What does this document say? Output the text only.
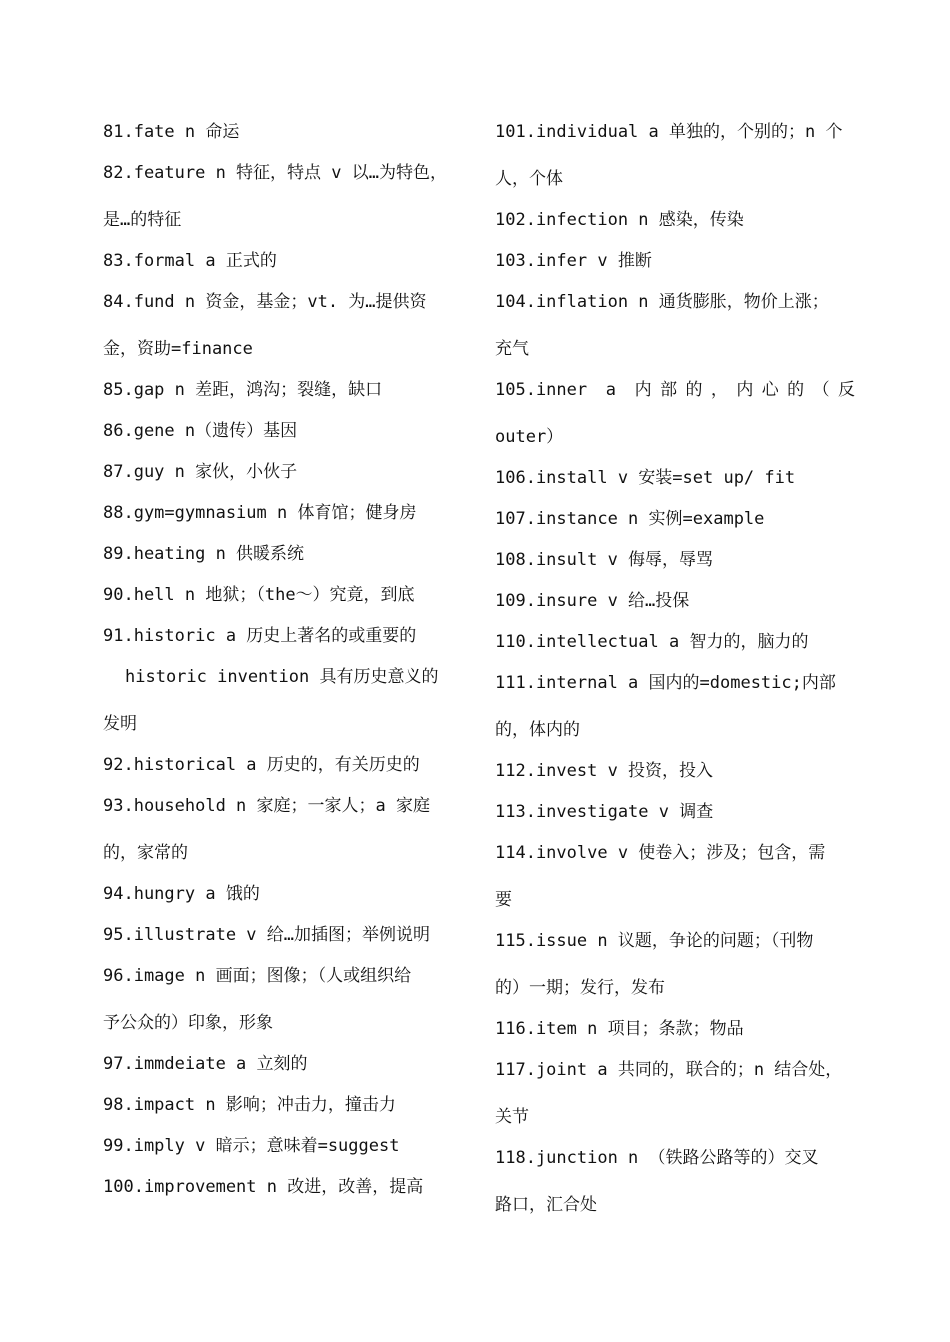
81.fate n 命运
82.feature n 特征，特点 v 以…为特色，
是…的特征
83.formal a 正式的
84.fund n 资金，基金；vt. 为…提供资
金，资助=finance
85.gap n 差距，鸿沟；裂缝，缺口
86.gene n（遗传）基因
87.guy n 家伙，小伙子
88.gym=gymnasium n 体育馆；健身房
89.heating n 供暖系统
90.hell n 地狱；（the～）究竟，到底
91.historic a 历史上著名的或重要的
historic invention 具有历史意义的
发明
92.historical a 历史的，有关历史的
93.household n 家庭；一家人；a 家庭
的，家常的
94.hungry a 饿的
95.illustrate v 给…加插图；举例说明
96.image n 画面；图像；（人或组织给
予公众的）印象，形象
97.immdeiate a 立刻的
98.impact n 影响；冲击力，撞击力
99.imply v 暗示；意味着=suggest
100.improvement n 改进，改善，提高
101.individual a 单独的，个别的；n 个
人，个体
102.infection n 感染，传染
103.infer v 推断
104.inflation n 通货膨胀，物价上涨；
充气
105.inner a 内部的，内心的（反
outer）
106.install v 安装=set up/ fit
107.instance n 实例=example
108.insult v 侮辱，辱骂
109.insure v 给…投保
110.intellectual a 智力的，脑力的
111.internal a 国内的=domestic;内部
的，体内的
112.invest v 投资，投入
113.investigate v 调查
114.involve v 使卷入；涉及；包含，需
要
115.issue n 议题，争论的问题；（刊物
的）一期；发行，发布
116.item n 项目；条款；物品
117.joint a 共同的，联合的；n 结合处，
关节
118.junction n （铁路公路等的）交叉
路口，汇合处
